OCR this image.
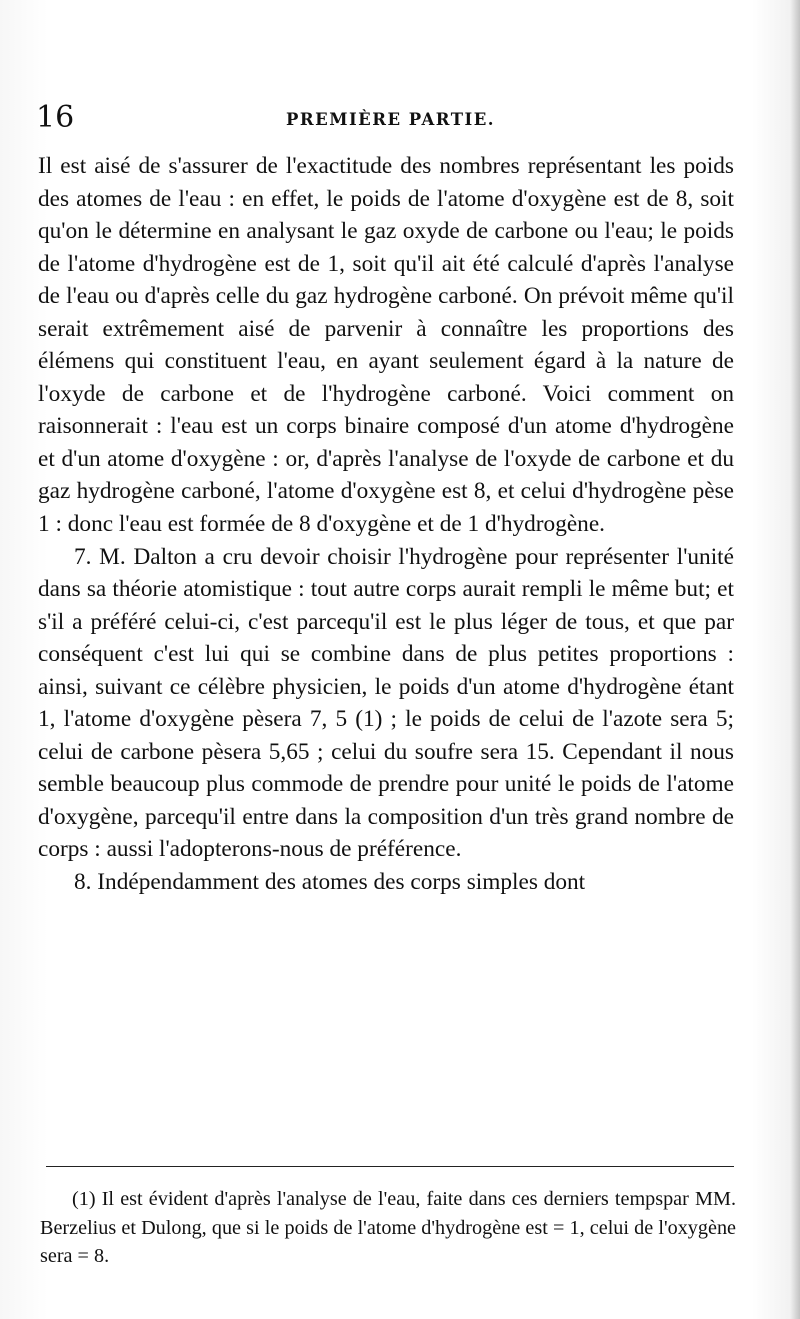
16	PREMIÈRE PARTIE.

Il est aisé de s'assurer de l'exactitude des nombres représentant les poids des atomes de l'eau : en effet, le poids de l'atome d'oxygène est de 8, soit qu'on le détermine en analysant le gaz oxyde de carbone ou l'eau; le poids de l'atome d'hydrogène est de 1, soit qu'il ait été calculé d'après l'analyse de l'eau ou d'après celle du gaz hydrogène carboné. On prévoit même qu'il serait extrêmement aisé de parvenir à connaître les proportions des élémens qui constituent l'eau, en ayant seulement égard à la nature de l'oxyde de carbone et de l'hydrogène carboné. Voici comment on raisonnerait : l'eau est un corps binaire composé d'un atome d'hydrogène et d'un atome d'oxygène : or, d'après l'analyse de l'oxyde de carbone et du gaz hydrogène carboné, l'atome d'oxygène est 8, et celui d'hydrogène pèse 1 : donc l'eau est formée de 8 d'oxygène et de 1 d'hydrogène.

7. M. Dalton a cru devoir choisir l'hydrogène pour représenter l'unité dans sa théorie atomistique : tout autre corps aurait rempli le même but; et s'il a préféré celui-ci, c'est parcequ'il est le plus léger de tous, et que par conséquent c'est lui qui se combine dans de plus petites proportions : ainsi, suivant ce célèbre physicien, le poids d'un atome d'hydrogène étant 1, l'atome d'oxygène pèsera 7, 5 (1) ; le poids de celui de l'azote sera 5; celui de carbone pèsera 5,65 ; celui du soufre sera 15. Cependant il nous semble beaucoup plus commode de prendre pour unité le poids de l'atome d'oxygène, parcequ'il entre dans la composition d'un très grand nombre de corps : aussi l'adopterons-nous de préférence.

8. Indépendamment des atomes des corps simples dont

(1) Il est évident d'après l'analyse de l'eau, faite dans ces derniers tempspar MM. Berzelius et Dulong, que si le poids de l'atome d'hydrogène est = 1, celui de l'oxygène sera = 8.
